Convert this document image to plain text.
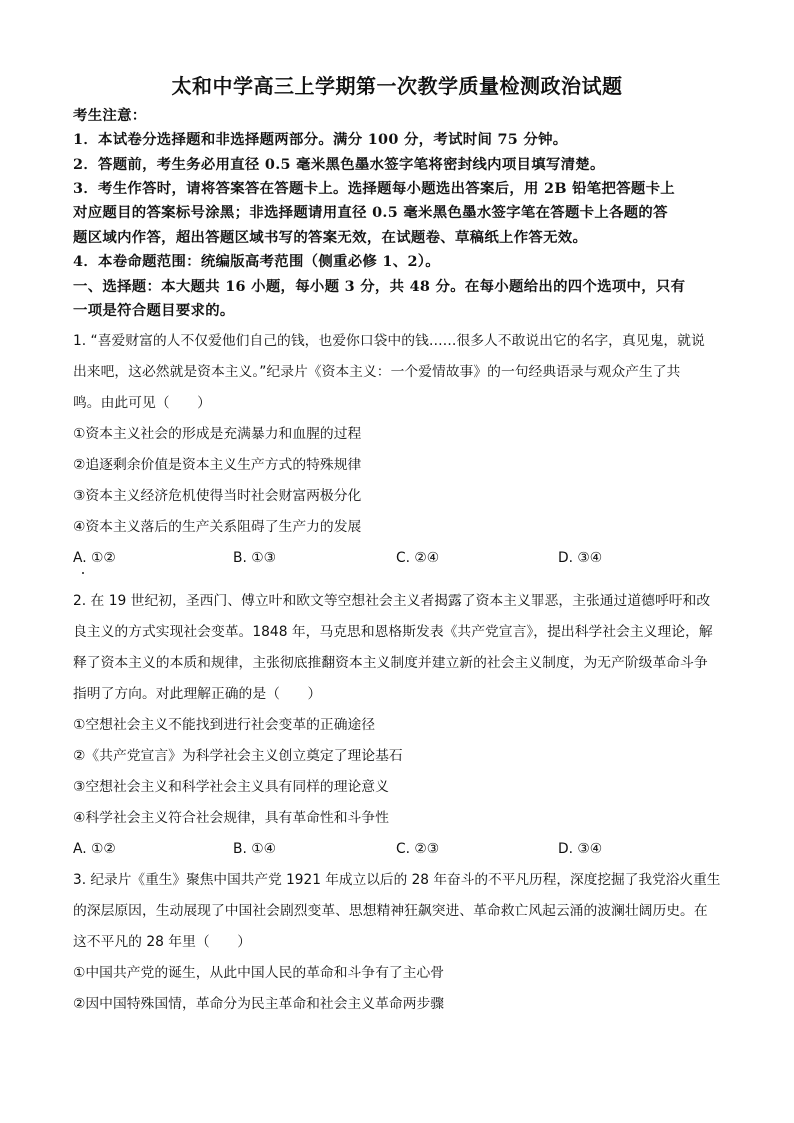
太和中学高三上学期第一次教学质量检测政治试题
考生注意：
1．本试卷分选择题和非选择题两部分。满分 100 分，考试时间 75 分钟。
2．答题前，考生务必用直径 0.5 毫米黑色墨水签字笔将密封线内项目填写清楚。
3．考生作答时，请将答案答在答题卡上。选择题每小题选出答案后，用 2B 铅笔把答题卡上
对应题目的答案标号涂黑；非选择题请用直径 0.5 毫米黑色墨水签字笔在答题卡上各题的答
题区域内作答，超出答题区域书写的答案无效，在试题卷、草稿纸上作答无效。
4．本卷命题范围：统编版高考范围（侧重必修 1、2）。
一、选择题：本大题共 16 小题，每小题 3 分，共 48 分。在每小题给出的四个选项中，只有
一项是符合题目要求的。
1. “喜爱财富的人不仅爱他们自己的钱，也爱你口袋中的钱……很多人不敢说出它的名字，真见鬼，就说
出来吧，这必然就是资本主义。”纪录片《资本主义：一个爱情故事》的一句经典语录与观众产生了共
鸣。由此可见（　　）
①资本主义社会的形成是充满暴力和血腥的过程
②追逐剩余价值是资本主义生产方式的特殊规律
③资本主义经济危机使得当时社会财富两极分化
④资本主义落后的生产关系阻碍了生产力的发展
A. ①②	B. ①③	C. ②④	D. ③④
2. 在 19 世纪初，圣西门、傅立叶和欧文等空想社会主义者揭露了资本主义罪恶，主张通过道德呼吁和改
良主义的方式实现社会变革。1848 年，马克思和恩格斯发表《共产党宣言》，提出科学社会主义理论，解
释了资本主义的本质和规律，主张彻底推翻资本主义制度并建立新的社会主义制度，为无产阶级革命斗争
指明了方向。对此理解正确的是（　　）
①空想社会主义不能找到进行社会变革的正确途径
②《共产党宣言》为科学社会主义创立奠定了理论基石
③空想社会主义和科学社会主义具有同样的理论意义
④科学社会主义符合社会规律，具有革命性和斗争性
A. ①②	B. ①④	C. ②③	D. ③④
3. 纪录片《重生》聚焦中国共产党 1921 年成立以后的 28 年奋斗的不平凡历程，深度挖掘了我党浴火重生
的深层原因，生动展现了中国社会剧烈变革、思想精神狂飙突进、革命救亡风起云涌的波澜壮阔历史。在
这不平凡的 28 年里（　　）
①中国共产党的诞生，从此中国人民的革命和斗争有了主心骨
②因中国特殊国情，革命分为民主革命和社会主义革命两步骤
